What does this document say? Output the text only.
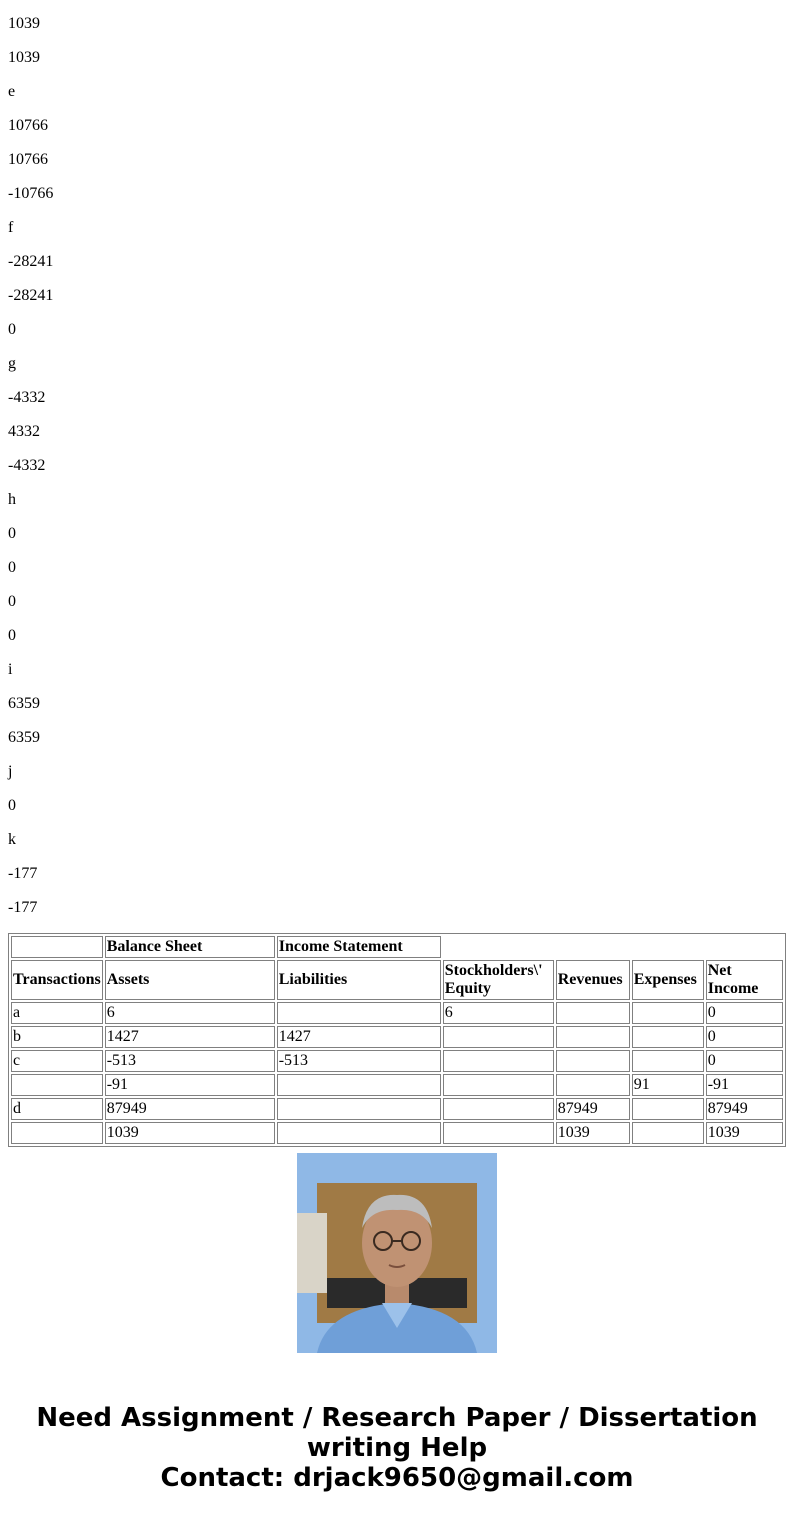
1039

1039

e

10766

10766

-10766

f

-28241

-28241

0

g

-4332

4332

-4332

h

0

0

0

0

i

6359

6359

j

0

k

-177

-177

	Balance Sheet	Income Statement				
Transactions	Assets	Liabilities	Stockholders\' Equity	Revenues	Expenses	Net Income
a	6		6			0
b	1427	1427				0
c	-513	-513				0
	-91				91	-91
d	87949			87949		87949
	1039			1039		1039
Need Assignment / Research Paper / Dissertation writing Help
Contact: drjack9650@gmail.com
